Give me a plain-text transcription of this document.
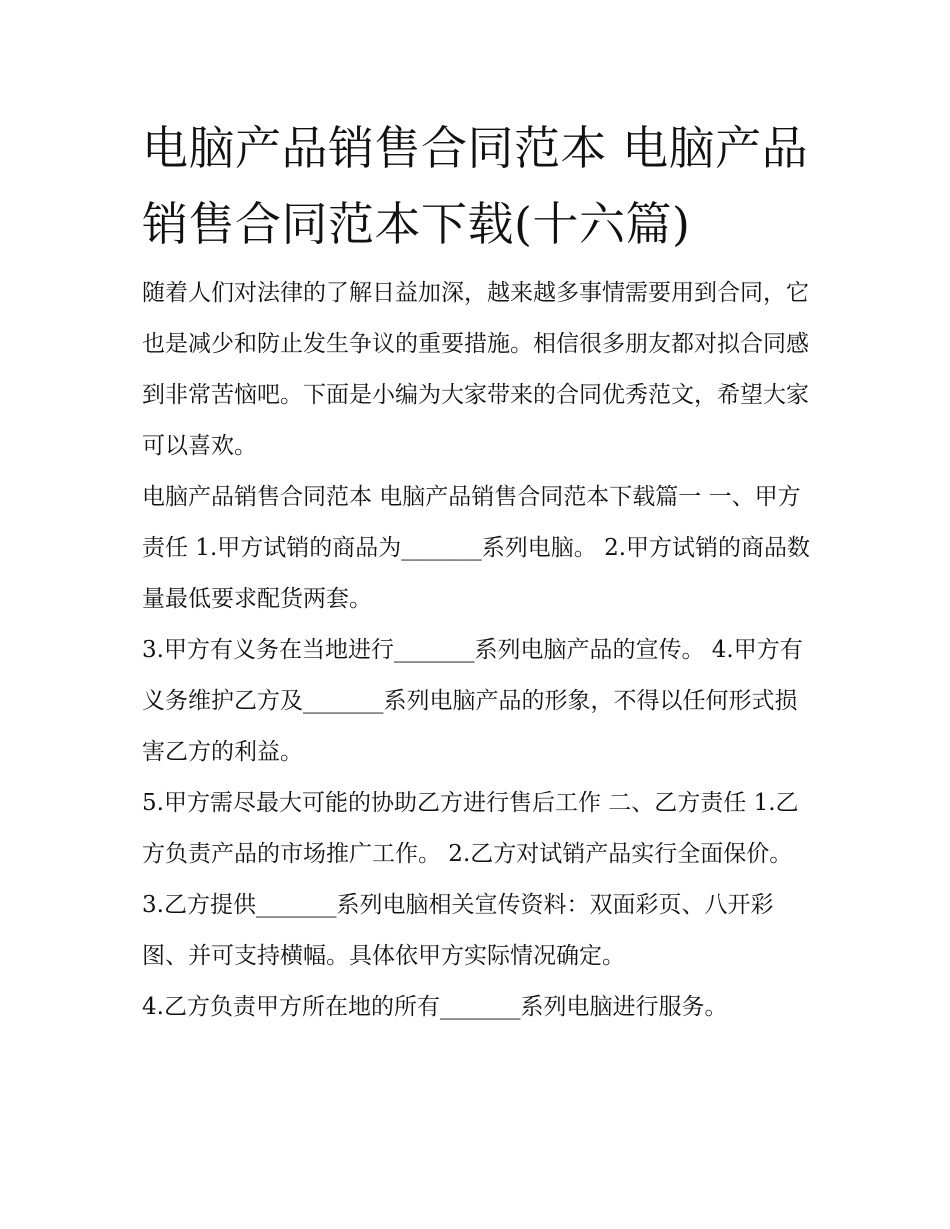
电脑产品销售合同范本 电脑产品销售合同范本下载(十六篇)

随着人们对法律的了解日益加深，越来越多事情需要用到合同，它也是减少和防止发生争议的重要措施。相信很多朋友都对拟合同感到非常苦恼吧。下面是小编为大家带来的合同优秀范文，希望大家可以喜欢。

电脑产品销售合同范本 电脑产品销售合同范本下载篇一 一、甲方责任 1.甲方试销的商品为_______系列电脑。 2.甲方试销的商品数量最低要求配货两套。

3.甲方有义务在当地进行_______系列电脑产品的宣传。 4.甲方有义务维护乙方及_______系列电脑产品的形象，不得以任何形式损害乙方的利益。

5.甲方需尽最大可能的协助乙方进行售后工作 二、乙方责任 1.乙方负责产品的市场推广工作。 2.乙方对试销产品实行全面保价。

3.乙方提供_______系列电脑相关宣传资料：双面彩页、八开彩图、并可支持横幅。具体依甲方实际情况确定。

4.乙方负责甲方所在地的所有_______系列电脑进行服务。
